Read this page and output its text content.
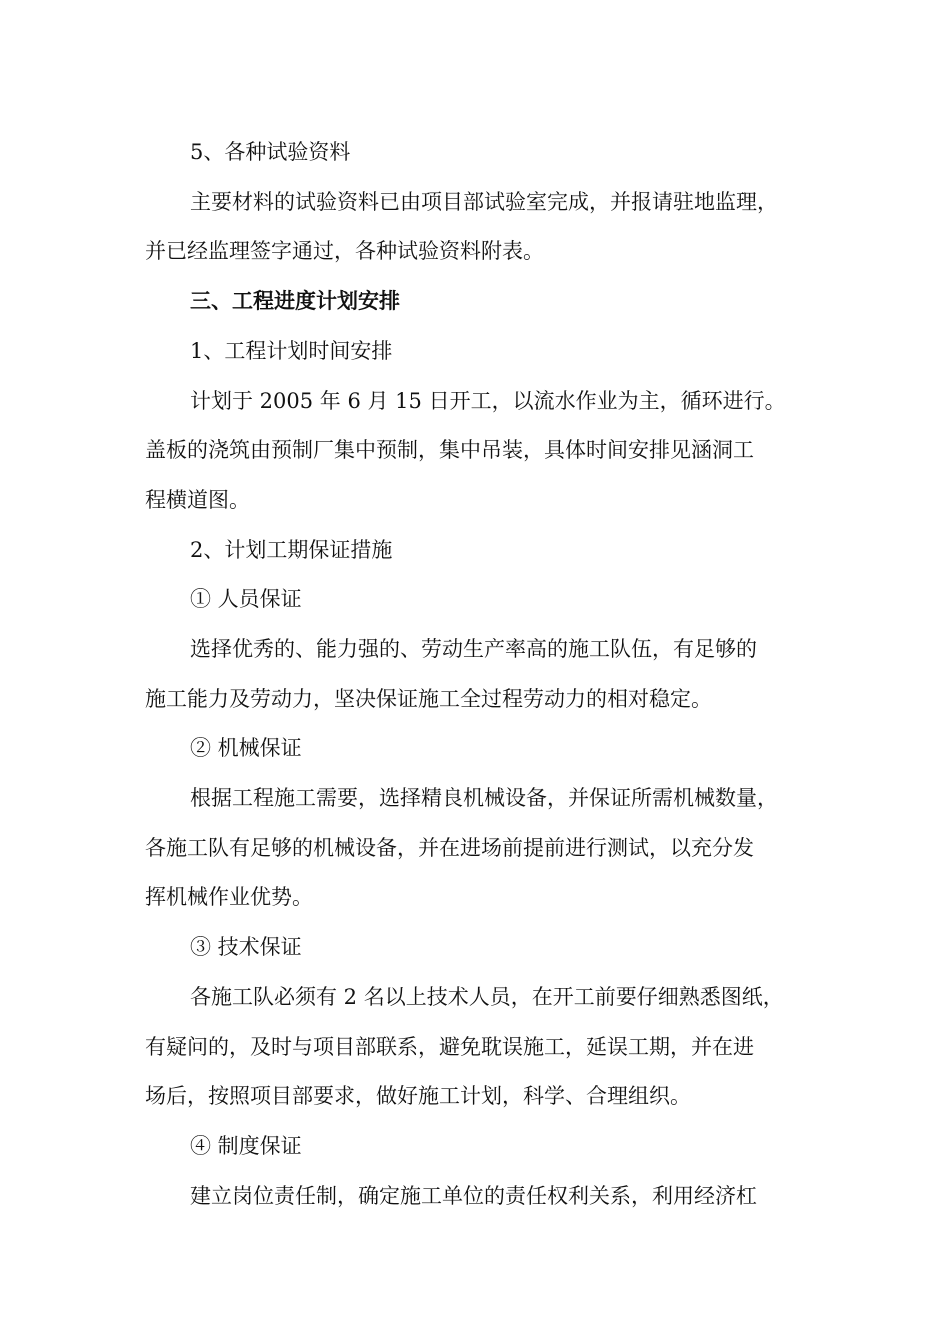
5、各种试验资料
主要材料的试验资料已由项目部试验室完成，并报请驻地监理，
并已经监理签字通过，各种试验资料附表。
三、工程进度计划安排
1、工程计划时间安排
计划于 2005 年 6 月 15 日开工，以流水作业为主，循环进行。
盖板的浇筑由预制厂集中预制，集中吊装，具体时间安排见涵洞工
程横道图。
2、计划工期保证措施
① 人员保证
选择优秀的、能力强的、劳动生产率高的施工队伍，有足够的
施工能力及劳动力，坚决保证施工全过程劳动力的相对稳定。
② 机械保证
根据工程施工需要，选择精良机械设备，并保证所需机械数量，
各施工队有足够的机械设备，并在进场前提前进行测试，以充分发
挥机械作业优势。
③ 技术保证
各施工队必须有 2 名以上技术人员，在开工前要仔细熟悉图纸，
有疑问的，及时与项目部联系，避免耽误施工，延误工期，并在进
场后，按照项目部要求，做好施工计划，科学、合理组织。
④ 制度保证
建立岗位责任制，确定施工单位的责任权利关系，利用经济杠
